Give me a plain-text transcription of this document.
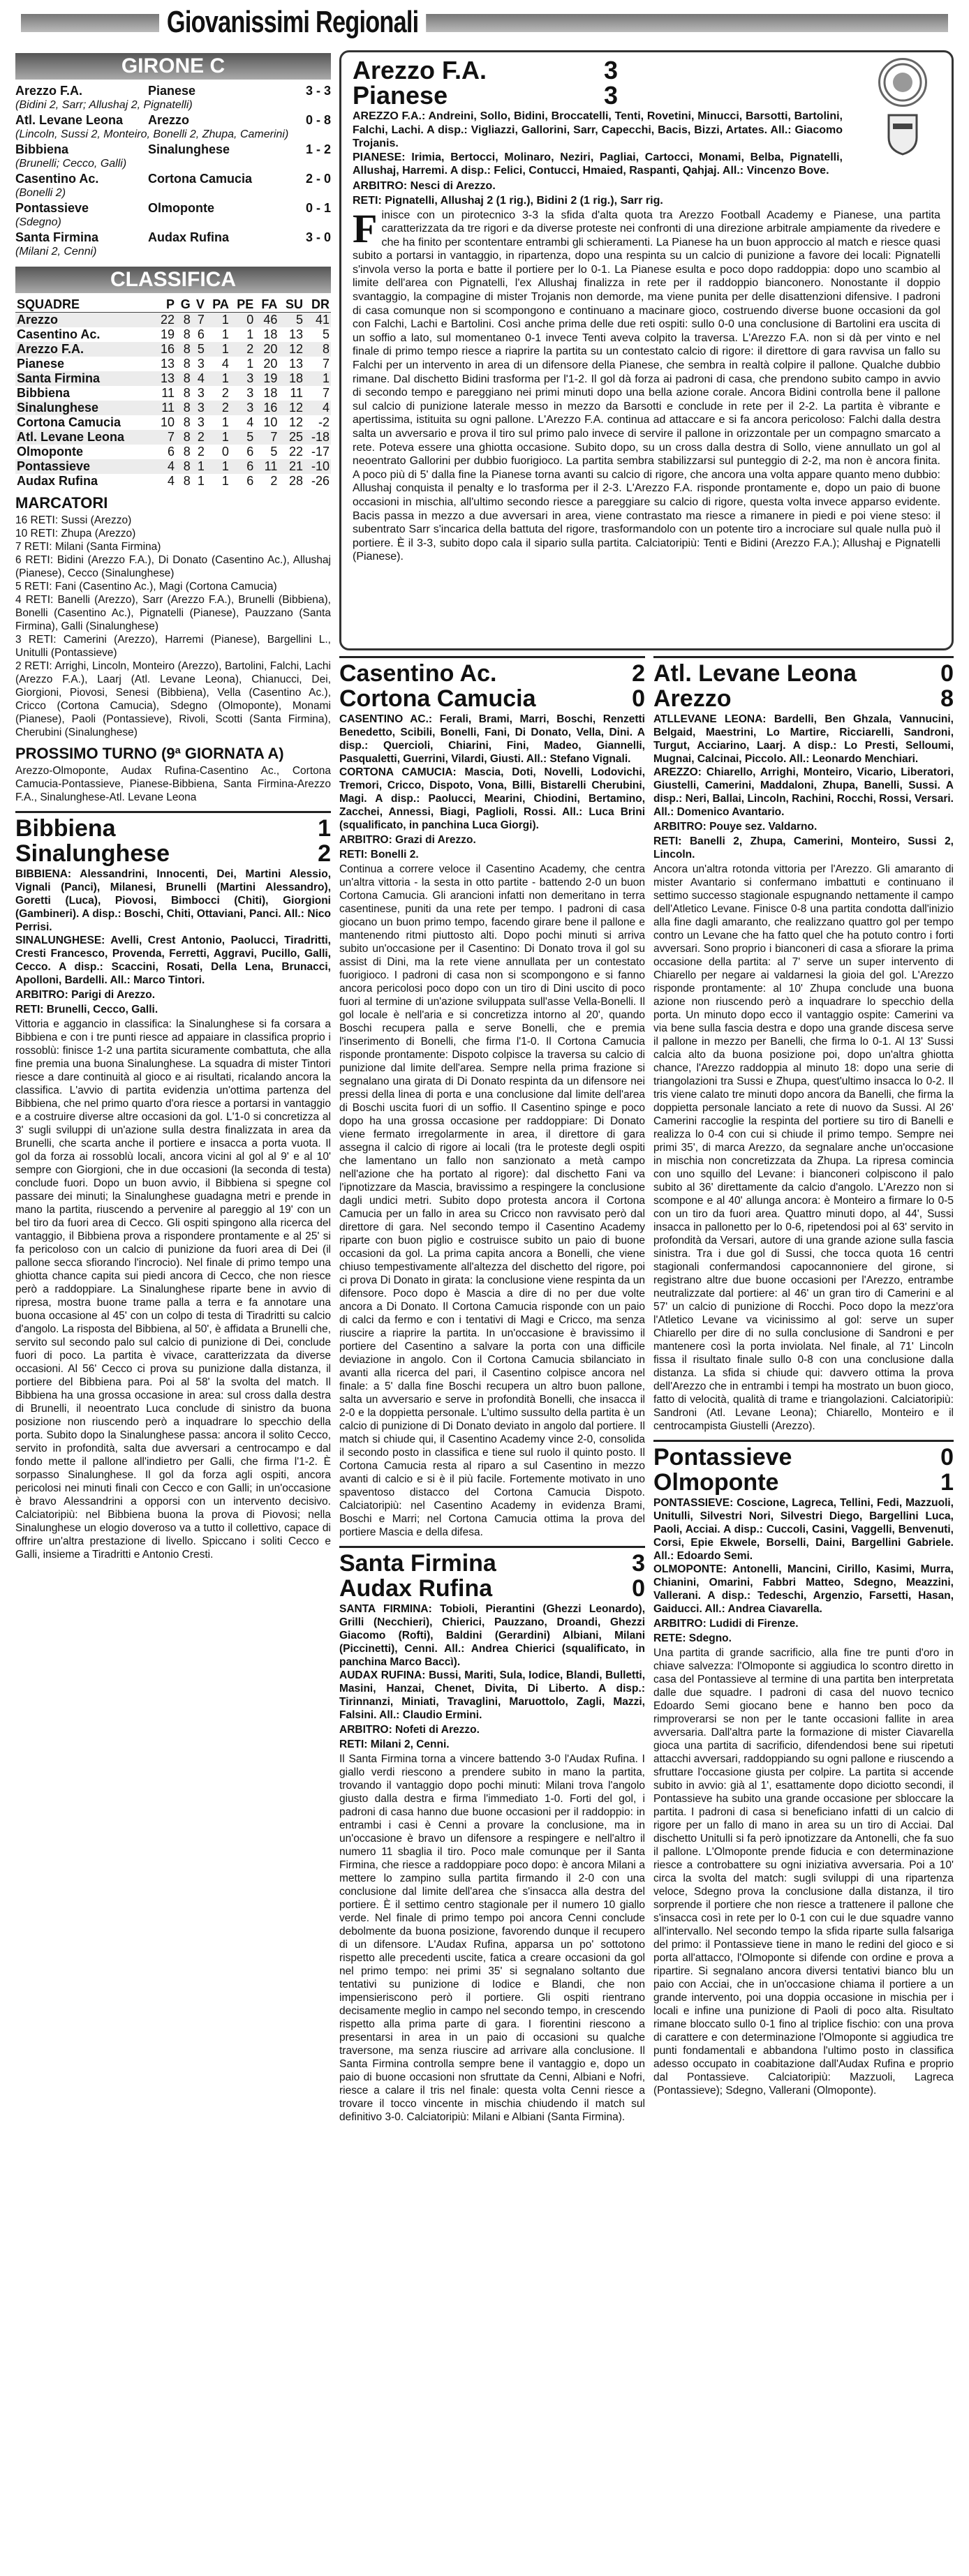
Giovanissimi Regionali
GIRONE C
Arezzo F.A.	Pianese	3 - 3
(Bidini 2, Sarr; Allushaj 2, Pignatelli)		
Atl. Levane Leona	Arezzo	0 - 8
(Lincoln, Sussi 2, Monteiro, Bonelli 2, Zhupa, Camerini)		
Bibbiena	Sinalunghese	1 - 2
(Brunelli; Cecco, Galli)		
Casentino Ac.	Cortona Camucia	2 - 0
(Bonelli 2)		
Pontassieve	Olmoponte	0 - 1
(Sdegno)		
Santa Firmina	Audax Rufina	3 - 0
(Milani 2, Cenni)		
CLASSIFICA
SQUADRE	P	G	V	PA	PE	FA	SU	DR
Arezzo	22	8	7	1	0	46	5	41
Casentino Ac.	19	8	6	1	1	18	13	5
Arezzo F.A.	16	8	5	1	2	20	12	8
Pianese	13	8	3	4	1	20	13	7
Santa Firmina	13	8	4	1	3	19	18	1
Bibbiena	11	8	3	2	3	18	11	7
Sinalunghese	11	8	3	2	3	16	12	4
Cortona Camucia	10	8	3	1	4	10	12	-2
Atl. Levane Leona	7	8	2	1	5	7	25	-18
Olmoponte	6	8	2	0	6	5	22	-17
Pontassieve	4	8	1	1	6	11	21	-10
Audax Rufina	4	8	1	1	6	2	28	-26
MARCATORI

16 RETI: Sussi (Arezzo)
10 RETI: Zhupa (Arezzo)
7 RETI: Milani (Santa Firmina)
6 RETI: Bidini (Arezzo F.A.), Di Donato (Casentino Ac.), Allushaj (Pianese), Cecco (Sinalunghese)
5 RETI: Fani (Casentino Ac.), Magi (Cortona Camucia)
4 RETI: Banelli (Arezzo), Sarr (Arezzo F.A.), Brunelli (Bibbiena), Bonelli (Casentino Ac.), Pignatelli (Pianese), Pauzzano (Santa Firmina), Galli (Sinalunghese)
3 RETI: Camerini (Arezzo), Harremi (Pianese), Bargellini L., Unitulli (Pontassieve)
2 RETI: Arrighi, Lincoln, Monteiro (Arezzo), Bartolini, Falchi, Lachi (Arezzo F.A.), Laarj (Atl. Levane Leona), Chianucci, Dei, Giorgioni, Piovosi, Senesi (Bibbiena), Vella (Casentino Ac.), Cricco (Cortona Camucia), Sdegno (Olmoponte), Monami (Pianese), Paoli (Pontassieve), Rivoli, Scotti (Santa Firmina), Cherubini (Sinalunghese)

PROSSIMO TURNO (9ª GIORNATA A)

Arezzo-Olmoponte, Audax Rufina-Casentino Ac., Cortona Camucia-Pontassieve, Pianese-Bibbiena, Santa Firmina-Arezzo F.A., Sinalunghese-Atl. Levane Leona

Bibbiena	1
Sinalunghese	2

BIBBIENA: Alessandrini, Innocenti, Dei, Martini Alessio, Vignali (Panci), Milanesi, Brunelli (Martini Alessandro), Goretti (Luca), Piovosi, Bimbocci (Chiti), Giorgioni (Gambineri). A disp.: Boschi, Chiti, Ottaviani, Panci. All.: Nico Perrisi.
SINALUNGHESE: Avelli, Crest Antonio, Paolucci, Tiradritti, Cresti Francesco, Provenda, Ferretti, Aggravi, Pucillo, Galli, Cecco. A disp.: Scaccini, Rosati, Della Lena, Brunacci, Apolloni, Bardelli. All.: Marco Tintori.

ARBITRO: Parigi di Arezzo.

RETI: Brunelli, Cecco, Galli.

Vittoria e aggancio in classifica: la Sinalunghese si fa corsara a Bibbiena e con i tre punti riesce ad appaiare in classifica proprio i rossoblù: finisce 1-2 una partita sicuramente combattuta, che alla fine premia una buona Sinalunghese. La squadra di mister Tintori riesce a dare continuità al gioco e ai risultati, ricalando ancora la classifica. L'avvio di partita evidenzia un'ottima partenza del Bibbiena, che nel primo quarto d'ora riesce a portarsi in vantaggio e a costruire diverse altre occasioni da gol. L'1-0 si concretizza al 3' sugli sviluppi di un'azione sulla destra finalizzata in area da Brunelli, che scarta anche il portiere e insacca a porta vuota. Il gol da forza ai rossoblù locali, ancora vicini al gol al 9' e al 10' sempre con Giorgioni, che in due occasioni (la seconda di testa) conclude fuori. Dopo un buon avvio, il Bibbiena si spegne col passare dei minuti; la Sinalunghese guadagna metri e prende in mano la partita, riuscendo a pervenire al pareggio al 19' con un bel tiro da fuori area di Cecco. Gli ospiti spingono alla ricerca del vantaggio, il Bibbiena prova a rispondere prontamente e al 25' si fa pericoloso con un calcio di punizione da fuori area di Dei (il pallone secca sfiorando l'incrocio). Nel finale di primo tempo una ghiotta chance capita sui piedi ancora di Cecco, che non riesce però a raddoppiare. La Sinalunghese riparte bene in avvio di ripresa, mostra buone trame palla a terra e fa annotare una buona occasione al 45' con un colpo di testa di Tiradritti su calcio d'angolo. La risposta del Bibbiena, al 50', è affidata a Brunelli che, servito sul secondo palo sul calcio di punizione di Dei, conclude fuori di poco. La partita è vivace, caratterizzata da diverse occasioni. Al 56' Cecco ci prova su punizione dalla distanza, il portiere del Bibbiena para. Poi al 58' la svolta del match. Il Bibbiena ha una grossa occasione in area: sul cross dalla destra di Brunelli, il neoentrato Luca conclude di sinistro da buona posizione non riuscendo però a inquadrare lo specchio della porta. Subito dopo la Sinalunghese passa: ancora il solito Cecco, servito in profondità, salta due avversari a centrocampo e dal fondo mette il pallone all'indietro per Galli, che firma l'1-2. È sorpasso Sinalunghese. Il gol da forza agli ospiti, ancora pericolosi nei minuti finali con Cecco e con Galli; in un'occasione è bravo Alessandrini a opporsi con un intervento decisivo. Calciatoripiù: nel Bibbiena buona la prova di Piovosi; nella Sinalunghese un elogio doveroso va a tutto il collettivo, capace di offrire un'altra prestazione di livello. Spiccano i soliti Cecco e Galli, insieme a Tiradritti e Antonio Cresti.

Arezzo F.A.	3
Pianese	3

AREZZO F.A.: Andreini, Sollo, Bidini, Broccatelli, Tenti, Rovetini, Minucci, Barsotti, Bartolini, Falchi, Lachi. A disp.: Vigliazzi, Gallorini, Sarr, Capecchi, Bacis, Bizzi, Artates. All.: Giacomo Trojanis.
PIANESE: Irimia, Bertocci, Molinaro, Neziri, Pagliai, Cartocci, Monami, Belba, Pignatelli, Allushaj, Harremi. A disp.: Felici, Contucci, Hmaied, Raspanti, Qahjaj. All.: Vincenzo Bove.

ARBITRO: Nesci di Arezzo.

RETI: Pignatelli, Allushaj 2 (1 rig.), Bidini 2 (1 rig.), Sarr rig.

Finisce con un pirotecnico 3-3 la sfida d'alta quota tra Arezzo Football Academy e Pianese, una partita caratterizzata da tre rigori e da diverse proteste nei confronti di una direzione arbitrale ampiamente da rivedere e che ha finito per scontentare entrambi gli schieramenti. La Pianese ha un buon approccio al match e riesce quasi subito a portarsi in vantaggio, in ripartenza, dopo una respinta su un calcio di punizione a favore dei locali: Pignatelli s'invola verso la porta e batte il portiere per lo 0-1. La Pianese esulta e poco dopo raddoppia: dopo uno scambio al limite dell'area con Pignatelli, l'ex Allushaj finalizza in rete per il raddoppio bianconero. Nonostante il doppio svantaggio, la compagine di mister Trojanis non demorde, ma viene punita per delle disattenzioni difensive. I padroni di casa comunque non si scompongono e continuano a macinare gioco, costruendo diverse buone occasioni da gol con Falchi, Lachi e Bartolini. Così anche prima delle due reti ospiti: sullo 0-0 una conclusione di Bartolini era uscita di un soffio a lato, sul momentaneo 0-1 invece Tenti aveva colpito la traversa. L'Arezzo F.A. non si dà per vinto e nel finale di primo tempo riesce a riaprire la partita su un contestato calcio di rigore: il direttore di gara ravvisa un fallo su Falchi per un intervento in area di un difensore della Pianese, che sembra in realtà colpire il pallone. Qualche dubbio rimane. Dal dischetto Bidini trasforma per l'1-2. Il gol dà forza ai padroni di casa, che prendono subito campo in avvio di secondo tempo e pareggiano nei primi minuti dopo una bella azione corale. Ancora Bidini controlla bene il pallone sul calcio di punizione laterale messo in mezzo da Barsotti e conclude in rete per il 2-2. La partita è vibrante e apertissima, istituita su ogni pallone. L'Arezzo F.A. continua ad attaccare e si fa ancora pericoloso: Falchi dalla destra salta un avversario e prova il tiro sul primo palo invece di servire il pallone in orizzontale per un compagno smarcato a rete. Poteva essere una ghiotta occasione. Subito dopo, su un cross dalla destra di Sollo, viene annullato un gol al neoentrato Gallorini per dubbio fuorigioco. La partita sembra stabilizzarsi sul punteggio di 2-2, ma non è ancora finita. A poco più di 5' dalla fine la Pianese torna avanti su calcio di rigore, che ancora una volta appare quanto meno dubbio: Allushaj conquista il penalty e lo trasforma per il 2-3. L'Arezzo F.A. risponde prontamente e, dopo un paio di buone occasioni in mischia, all'ultimo secondo riesce a pareggiare su calcio di rigore, questa volta invece apparso evidente. Bacis passa in mezzo a due avversari in area, viene contrastato ma riesce a rimanere in piedi e poi viene steso: il subentrato Sarr s'incarica della battuta del rigore, trasformandolo con un potente tiro a incrociare sul quale nulla può il portiere. È il 3-3, subito dopo cala il sipario sulla partita. Calciatoripiù: Tenti e Bidini (Arezzo F.A.); Allushaj e Pignatelli (Pianese).

Casentino Ac.	2
Cortona Camucia	0

CASENTINO AC.: Ferali, Brami, Marri, Boschi, Renzetti Benedetto, Scibili, Bonelli, Fani, Di Donato, Vella, Dini. A disp.: Quercioli, Chiarini, Fini, Madeo, Giannelli, Pasqualetti, Guerrini, Vilardi, Giusti. All.: Stefano Vignali.
CORTONA CAMUCIA: Mascia, Doti, Novelli, Lodovichi, Tremori, Cricco, Dispoto, Vona, Billi, Bistarelli Cherubini, Magi. A disp.: Paolucci, Mearini, Chiodini, Bertamino, Zacchei, Annessi, Biagi, Paglioli, Rossi. All.: Luca Brini (squalificato, in panchina Luca Giorgi).

ARBITRO: Grazi di Arezzo.

RETI: Bonelli 2.

Continua a correre veloce il Casentino Academy, che centra un'altra vittoria - la sesta in otto partite - battendo 2-0 un buon Cortona Camucia. Gli arancioni infatti non demeritano in terra casentinese, puniti da una rete per tempo. I padroni di casa giocano un buon primo tempo, facendo girare bene il pallone e mantenendo ritmi piuttosto alti. Dopo pochi minuti si arriva subito un'occasione per il Casentino: Di Donato trova il gol su assist di Dini, ma la rete viene annullata per un contestato fuorigioco. I padroni di casa non si scompongono e si fanno ancora pericolosi poco dopo con un tiro di Dini uscito di poco fuori al termine di un'azione sviluppata sull'asse Vella-Bonelli. Il gol locale è nell'aria e si concretizza intorno al 20', quando Boschi recupera palla e serve Bonelli, che e premia l'inserimento di Bonelli, che firma l'1-0. Il Cortona Camucia risponde prontamente: Dispoto colpisce la traversa su calcio di punizione dal limite dell'area. Sempre nella prima frazione si segnalano una girata di Di Donato respinta da un difensore nei pressi della linea di porta e una conclusione dal limite dell'area di Boschi uscita fuori di un soffio. Il Casentino spinge e poco dopo ha una grossa occasione per raddoppiare: Di Donato viene fermato irregolarmente in area, il direttore di gara assegna il calcio di rigore ai locali (tra le proteste degli ospiti che lamentano un fallo non sanzionato a metà campo nell'azione che ha portato al rigore): dal dischetto Fani va l'ipnotizzare da Mascia, bravissimo a respingere la conclusione dagli undici metri. Subito dopo protesta ancora il Cortona Camucia per un fallo in area su Cricco non ravvisato però dal direttore di gara. Nel secondo tempo il Casentino Academy riparte con buon piglio e costruisce subito un paio di buone occasioni da gol. La prima capita ancora a Bonelli, che viene chiuso tempestivamente all'altezza del dischetto del rigore, poi ci prova Di Donato in girata: la conclusione viene respinta da un difensore. Poco dopo è Mascia a dire di no per due volte ancora a Di Donato. Il Cortona Camucia risponde con un paio di calci da fermo e con i tentativi di Magi e Cricco, ma senza riuscire a riaprire la partita. In un'occasione è bravissimo il portiere del Casentino a salvare la porta con una difficile deviazione in angolo. Con il Cortona Camucia sbilanciato in avanti alla ricerca del pari, il Casentino colpisce ancora nel finale: a 5' dalla fine Boschi recupera un altro buon pallone, salta un avversario e serve in profondità Bonelli, che insacca il 2-0 e la doppietta personale. L'ultimo sussulto della partita è un calcio di punizione di Di Donato deviato in angolo dal portiere. Il match si chiude qui, il Casentino Academy vince 2-0, consolida il secondo posto in classifica e tiene sul ruolo il quinto posto. Il Cortona Camucia resta al riparo a sul Casentino in mezzo avanti di calcio e si è il più facile. Fortemente motivato in uno spaventoso distacco del Cortona Camucia Dispoto. Calciatoripiù: nel Casentino Academy in evidenza Brami, Boschi e Marri; nel Cortona Camucia ottima la prova del portiere Mascia e della difesa.

Santa Firmina	3
Audax Rufina	0

SANTA FIRMINA: Tobioli, Pierantini (Ghezzi Leonardo), Grilli (Necchieri), Chierici, Pauzzano, Droandi, Ghezzi Giacomo (Rofti), Baldini (Gerardini) Albiani, Milani (Piccinetti), Cenni. All.: Andrea Chierici (squalificato, in panchina Marco Baccì).
AUDAX RUFINA: Bussi, Mariti, Sula, Iodice, Blandi, Bulletti, Masini, Hanzai, Chenet, Divita, Di Liberto. A disp.: Tirinnanzi, Miniati, Travaglini, Maruottolo, Zagli, Mazzi, Falsini. All.: Claudio Ermini.

ARBITRO: Nofeti di Arezzo.

RETI: Milani 2, Cenni.

Il Santa Firmina torna a vincere battendo 3-0 l'Audax Rufina. I giallo verdi riescono a prendere subito in mano la partita, trovando il vantaggio dopo pochi minuti: Milani trova l'angolo giusto dalla destra e firma l'immediato 1-0. Forti del gol, i padroni di casa hanno due buone occasioni per il raddoppio: in entrambi i casi è Cenni a provare la conclusione, ma in un'occasione è bravo un difensore a respingere e nell'altro il numero 11 sbaglia il tiro. Poco male comunque per il Santa Firmina, che riesce a raddoppiare poco dopo: è ancora Milani a mettere lo zampino sulla partita firmando il 2-0 con una conclusione dal limite dell'area che s'insacca alla destra del portiere. È il settimo centro stagionale per il numero 10 giallo verde. Nel finale di primo tempo poi ancora Cenni conclude debolmente da buona posizione, favorendo dunque il recupero di un difensore. L'Audax Rufina, apparsa un po' sottotono rispetto alle precedenti uscite, fatica a creare occasioni da gol nel primo tempo: nei primi 35' si segnalano soltanto due tentativi su punizione di Iodice e Blandi, che non impensieriscono però il portiere. Gli ospiti rientrano decisamente meglio in campo nel secondo tempo, in crescendo rispetto alla prima parte di gara. I fiorentini riescono a presentarsi in area in un paio di occasioni su qualche traversone, ma senza riuscire ad arrivare alla conclusione. Il Santa Firmina controlla sempre bene il vantaggio e, dopo un paio di buone occasioni non sfruttate da Cenni, Albiani e Nofri, riesce a calare il tris nel finale: questa volta Cenni riesce a trovare il tocco vincente in mischia chiudendo il match sul definitivo 3-0. Calciatoripiù: Milani e Albiani (Santa Firmina).

Atl. Levane Leona	0
Arezzo	8

ATLLEVANE LEONA: Bardelli, Ben Ghzala, Vannucini, Belgaid, Maestrini, Lo Martire, Ricciarelli, Sandroni, Turgut, Acciarino, Laarj. A disp.: Lo Presti, Selloumi, Mugnai, Calcinai, Piccolo. All.: Leonardo Menchiari.
AREZZO: Chiarello, Arrighi, Monteiro, Vicario, Liberatori, Giustelli, Camerini, Maddaloni, Zhupa, Banelli, Sussi. A disp.: Neri, Ballai, Lincoln, Rachini, Rocchi, Rossi, Versari. All.: Domenico Avantario.

ARBITRO: Pouye sez. Valdarno.

RETI: Banelli 2, Zhupa, Camerini, Monteiro, Sussi 2, Lincoln.

Ancora un'altra rotonda vittoria per l'Arezzo. Gli amaranto di mister Avantario si confermano imbattuti e continuano il settimo successo stagionale espugnando nettamente il campo dell'Atletico Levane. Finisce 0-8 una partita condotta dall'inizio alla fine dagli amaranto, che realizzano quattro gol per tempo contro un Levane che ha fatto quel che ha potuto contro i forti avversari. Sono proprio i bianconeri di casa a sfiorare la prima occasione della partita: al 7' serve un super intervento di Chiarello per negare ai valdarnesi la gioia del gol. L'Arezzo risponde prontamente: al 10' Zhupa conclude una buona azione non riuscendo però a inquadrare lo specchio della porta. Un minuto dopo ecco il vantaggio ospite: Camerini va via bene sulla fascia destra e dopo una grande discesa serve il pallone in mezzo per Banelli, che firma lo 0-1. Al 13' Sussi calcia alto da buona posizione poi, dopo un'altra ghiotta chance, l'Arezzo raddoppia al minuto 18: dopo una serie di triangolazioni tra Sussi e Zhupa, quest'ultimo insacca lo 0-2. Il tris viene calato tre minuti dopo ancora da Banelli, che firma la doppietta personale lanciato a rete di nuovo da Sussi. Al 26' Camerini raccoglie la respinta del portiere su tiro di Banelli e realizza lo 0-4 con cui si chiude il primo tempo. Sempre nei primi 35', di marca Arezzo, da segnalare anche un'occasione in mischia non concretizzata da Zhupa. La ripresa comincia con uno squillo del Levane: i bianconeri colpiscono il palo subito al 36' direttamente da calcio d'angolo. L'Arezzo non si scompone e al 40' allunga ancora: è Monteiro a firmare lo 0-5 con un tiro da fuori area. Quattro minuti dopo, al 44', Sussi insacca in pallonetto per lo 0-6, ripetendosi poi al 63' servito in profondità da Versari, autore di una grande azione sulla fascia sinistra. Tra i due gol di Sussi, che tocca quota 16 centri stagionali confermandosi capocannoniere del girone, si registrano altre due buone occasioni per l'Arezzo, entrambe neutralizzate dal portiere: al 46' un gran tiro di Camerini e al 57' un calcio di punizione di Rocchi. Poco dopo la mezz'ora l'Atletico Levane va vicinissimo al gol: serve un super Chiarello per dire di no sulla conclusione di Sandroni e per mantenere così la porta inviolata. Nel finale, al 71' Lincoln fissa il risultato finale sullo 0-8 con una conclusione dalla distanza. La sfida si chiude qui: davvero ottima la prova dell'Arezzo che in entrambi i tempi ha mostrato un buon gioco, fatto di velocità, qualità di trame e triangolazioni. Calciatoripiù: Sandroni (Atl. Levane Leona); Chiarello, Monteiro e il centrocampista Giustelli (Arezzo).

Pontassieve	0
Olmoponte	1

PONTASSIEVE: Coscione, Lagreca, Tellini, Fedi, Mazzuoli, Unitulli, Silvestri Nori, Silvestri Diego, Bargellini Luca, Paoli, Acciai. A disp.: Cuccoli, Casini, Vaggelli, Benvenuti, Corsi, Epie Ekwele, Borselli, Daini, Bargellini Gabriele. All.: Edoardo Semi.
OLMOPONTE: Antonelli, Mancini, Cirillo, Kasimi, Murra, Chianini, Omarini, Fabbri Matteo, Sdegno, Meazzini, Vallerani. A disp.: Tedeschi, Argenzio, Farsetti, Hasan, Gaiducci. All.: Andrea Ciavarella.

ARBITRO: Ludidi di Firenze.

RETE: Sdegno.

Una partita di grande sacrificio, alla fine tre punti d'oro in chiave salvezza: l'Olmoponte si aggiudica lo scontro diretto in casa del Pontassieve al termine di una partita ben interpretata dalle due squadre. I padroni di casa del nuovo tecnico Edoardo Semi giocano bene e hanno ben poco da rimproverarsi se non per le tante occasioni fallite in area avversaria. Dall'altra parte la formazione di mister Ciavarella gioca una partita di sacrificio, difendendosi bene sui ripetuti attacchi avversari, raddoppiando su ogni pallone e riuscendo a sfruttare l'occasione giusta per colpire. La partita si accende subito in avvio: già al 1', esattamente dopo diciotto secondi, il Pontassieve ha subito una grande occasione per sbloccare la partita. I padroni di casa si beneficiano infatti di un calcio di rigore per un fallo di mano in area su un tiro di Acciai. Dal dischetto Unitulli si fa però ipnotizzare da Antonelli, che fa suo il pallone. L'Olmoponte prende fiducia e con determinazione riesce a controbattere su ogni iniziativa avversaria. Poi a 10' circa la svolta del match: sugli sviluppi di una ripartenza veloce, Sdegno prova la conclusione dalla distanza, il tiro sorprende il portiere che non riesce a trattenere il pallone che s'insacca così in rete per lo 0-1 con cui le due squadre vanno all'intervallo. Nel secondo tempo la sfida riparte sulla falsariga del primo: il Pontassieve tiene in mano le redini del gioco e si porta all'attacco, l'Olmoponte si difende con ordine e prova a ripartire. Si segnalano ancora diversi tentativi bianco blu un paio con Acciai, che in un'occasione chiama il portiere a un grande intervento, poi una doppia occasione in mischia per i locali e infine una punizione di Paoli di poco alta. Risultato rimane bloccato sullo 0-1 fino al triplice fischio: con una prova di carattere e con determinazione l'Olmoponte si aggiudica tre punti fondamentali e abbandona l'ultimo posto in classifica adesso occupato in coabitazione dall'Audax Rufina e proprio dal Pontassieve. Calciatoripiù: Mazzuoli, Lagreca (Pontassieve); Sdegno, Vallerani (Olmoponte).
